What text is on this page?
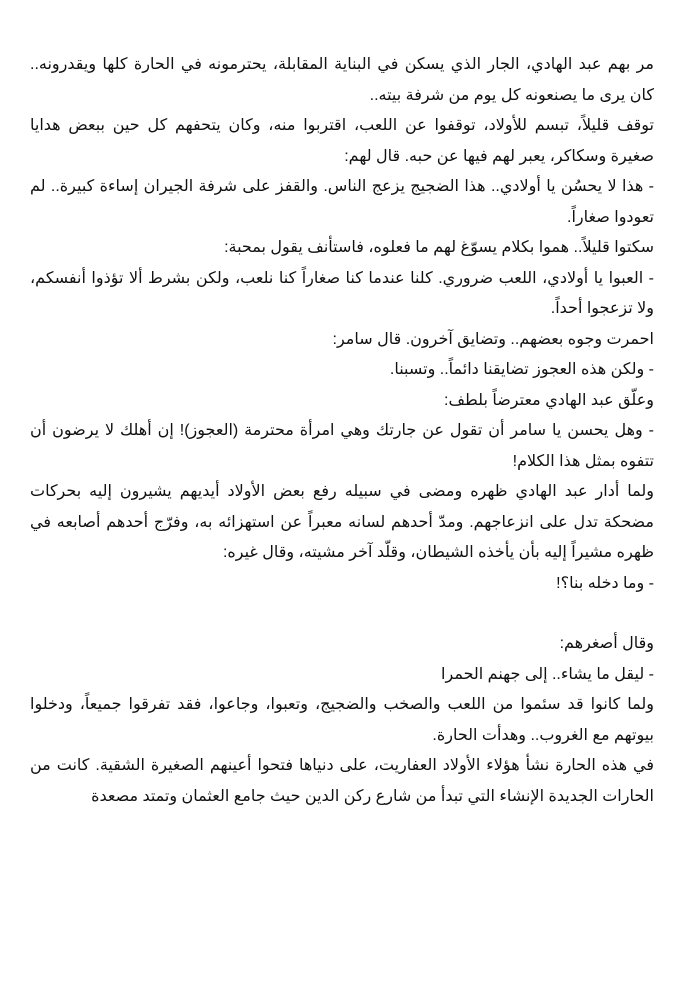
مر بهم عبد الهادي، الجار الذي يسكن في البناية المقابلة، يحترمونه في الحارة كلها ويقدرونه.. كان يرى ما يصنعونه كل يوم من شرفة بيته..

توقف قليلاً، تبسم للأولاد، توقفوا عن اللعب، اقتربوا منه، وكان يتحفهم كل حين ببعض هدايا صغيرة وسكاكر، يعبر لهم فيها عن حبه. قال لهم:

- هذا لا يحسُن يا أولادي.. هذا الضجيج يزعج الناس. والقفز على شرفة الجيران إساءة كبيرة.. لم تعودوا صغاراً.

سكتوا قليلاً.. هموا بكلام يسوّغ لهم ما فعلوه، فاستأنف يقول بمحبة:

- العبوا يا أولادي، اللعب ضروري. كلنا عندما كنا صغاراً كنا نلعب، ولكن بشرط ألا تؤذوا أنفسكم، ولا تزعجوا أحداً.

احمرت وجوه بعضهم.. وتضايق آخرون. قال سامر:

- ولكن هذه العجوز تضايقنا دائماً.. وتسبنا.

وعلّق عبد الهادي معترضاً بلطف:

- وهل يحسن يا سامر أن تقول عن جارتك وهي امرأة محترمة (العجوز)! إن أهلك لا يرضون أن تتفوه بمثل هذا الكلام!

ولما أدار عبد الهادي ظهره ومضى في سبيله رفع بعض الأولاد أيديهم يشيرون إليه بحركات مضحكة تدل على انزعاجهم. ومدّ أحدهم لسانه معبراً عن استهزائه به، وفرّج أحدهم أصابعه في ظهره مشيراً إليه بأن يأخذه الشيطان، وقلّد آخر مشيته، وقال غيره:

- وما دخله بنا؟!

وقال أصغرهم:

- ليقل ما يشاء.. إلى جهنم الحمرا

ولما كانوا قد سئموا من اللعب والصخب والضجيج، وتعبوا، وجاعوا، فقد تفرقوا جميعاً، ودخلوا بيوتهم مع الغروب.. وهدأت الحارة.

في هذه الحارة نشأ هؤلاء الأولاد العفاريت، على دنياها فتحوا أعينهم الصغيرة الشقية. كانت من الحارات الجديدة الإنشاء التي تبدأ من شارع ركن الدين حيث جامع العثمان وتمتد مصعدة
